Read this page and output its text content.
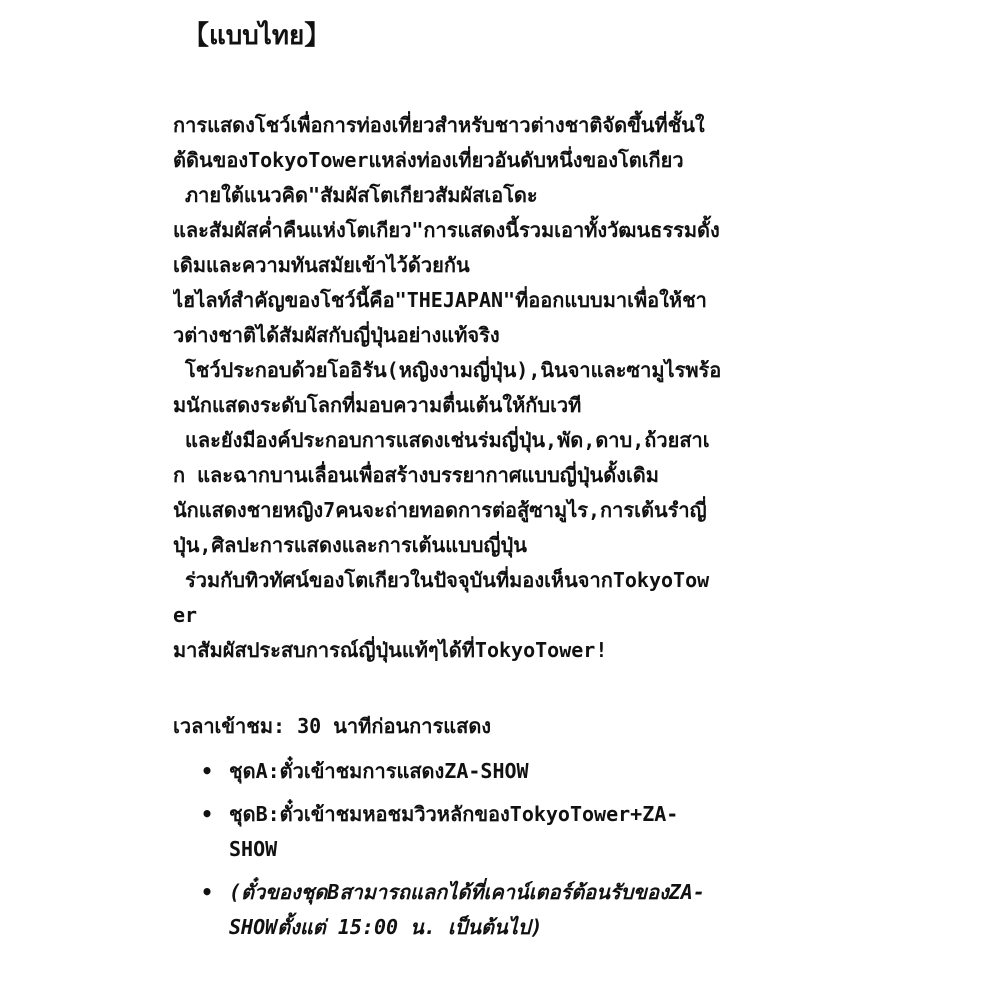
【แบบไทย】
การแสดงโชว์เพื่อการท่องเที่ยวสำหรับชาวต่างชาติจัดขึ้นที่ชั้นใ
ต้ดินของTokyoTowerแหล่งท่องเที่ยวอันดับหนึ่งของโตเกียว
ภายใต้แนวคิด"สัมผัสโตเกียวสัมผัสเอโดะ
และสัมผัสค่ำคืนแห่งโตเกียว"การแสดงนี้รวมเอาทั้งวัฒนธรรมดั้ง
เดิมและความทันสมัยเข้าไว้ด้วยกัน
ไฮไลท์สำคัญของโชว์นี้คือ"THEJAPAN"ที่ออกแบบมาเพื่อให้ชา
วต่างชาติได้สัมผัสกับญี่ปุ่นอย่างแท้จริง
โชว์ประกอบด้วยโออิรัน(หญิงงามญี่ปุ่น),นินจาและซามูไรพร้อ
มนักแสดงระดับโลกที่มอบความตื่นเต้นให้กับเวที
และยังมีองค์ประกอบการแสดงเช่นร่มญี่ปุ่น,พัด,ดาบ,ถ้วยสาเ
ก และฉากบานเลื่อนเพื่อสร้างบรรยากาศแบบญี่ปุ่นดั้งเดิม
นักแสดงชายหญิง7คนจะถ่ายทอดการต่อสู้ซามูไร,การเต้นรำญี่
ปุ่น,ศิลปะการแสดงและการเต้นแบบญี่ปุ่น
ร่วมกับทิวทัศน์ของโตเกียวในปัจจุบันที่มองเห็นจากTokyoTow
er
มาสัมผัสประสบการณ์ญี่ปุ่นแท้ๆได้ที่TokyoTower!
เวลาเข้าชม: 30 นาทีก่อนการแสดง
• ชุดA:ตั๋วเข้าชมการแสดงZA-SHOW
• ชุดB:ตั๋วเข้าชมหอชมวิวหลักของTokyoTower+ZA-
SHOW
• (ตั๋วของชุดBสามารถแลกได้ที่เคาน์เตอร์ต้อนรับของZA-
SHOWตั้งแต่ 15:00 น. เป็นต้นไป)
